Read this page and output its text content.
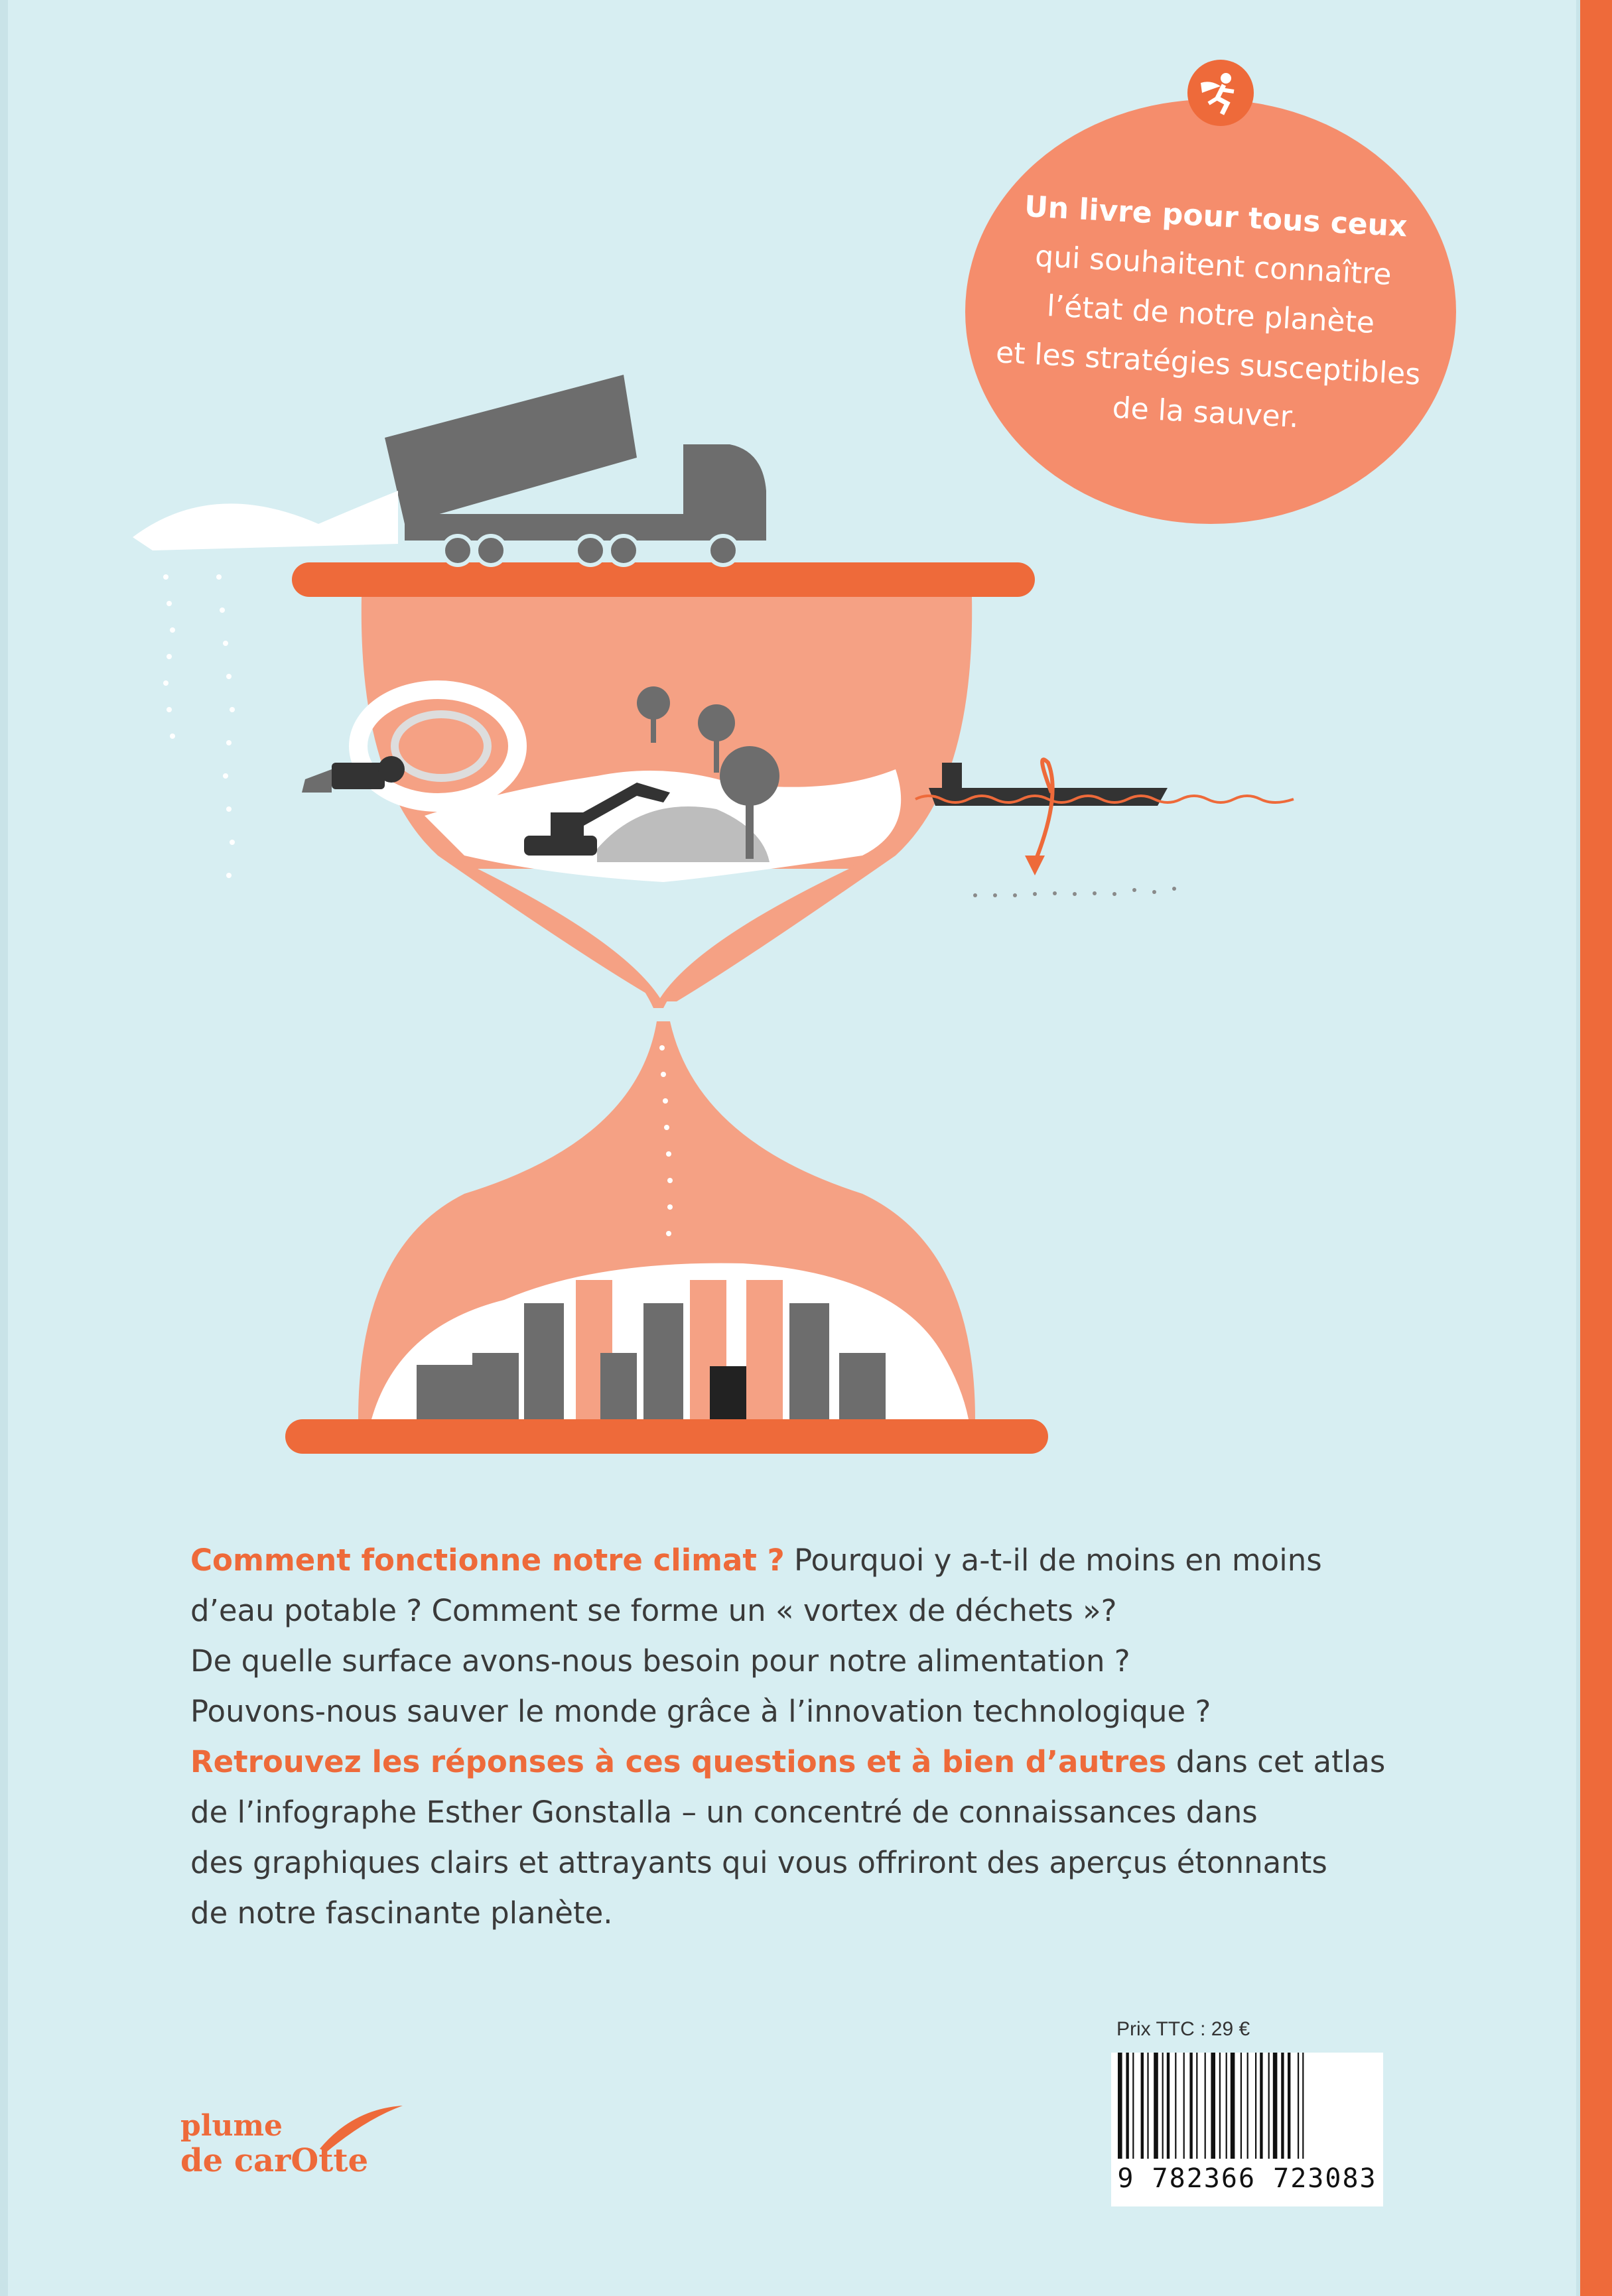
Un livre pour tous ceux
qui souhaitent connaître
l’état de notre planète
et les stratégies susceptibles
de la sauver.

Comment fonctionne notre climat ? Pourquoi y a-t-il de moins en moins

d’eau potable ? Comment se forme un « vortex de déchets »?

De quelle surface avons-nous besoin pour notre alimentation ?

Pouvons-nous sauver le monde grâce à l’innovation technologique ?

Retrouvez les réponses à ces questions et à bien d’autres dans cet atlas

de l’infographe Esther Gonstalla – un concentré de connaissances dans

des graphiques clairs et attrayants qui vous offriront des aperçus étonnants

de notre fascinante planète.

Prix TTC : 29 €
9 782366 723083
plume
de carOtte
